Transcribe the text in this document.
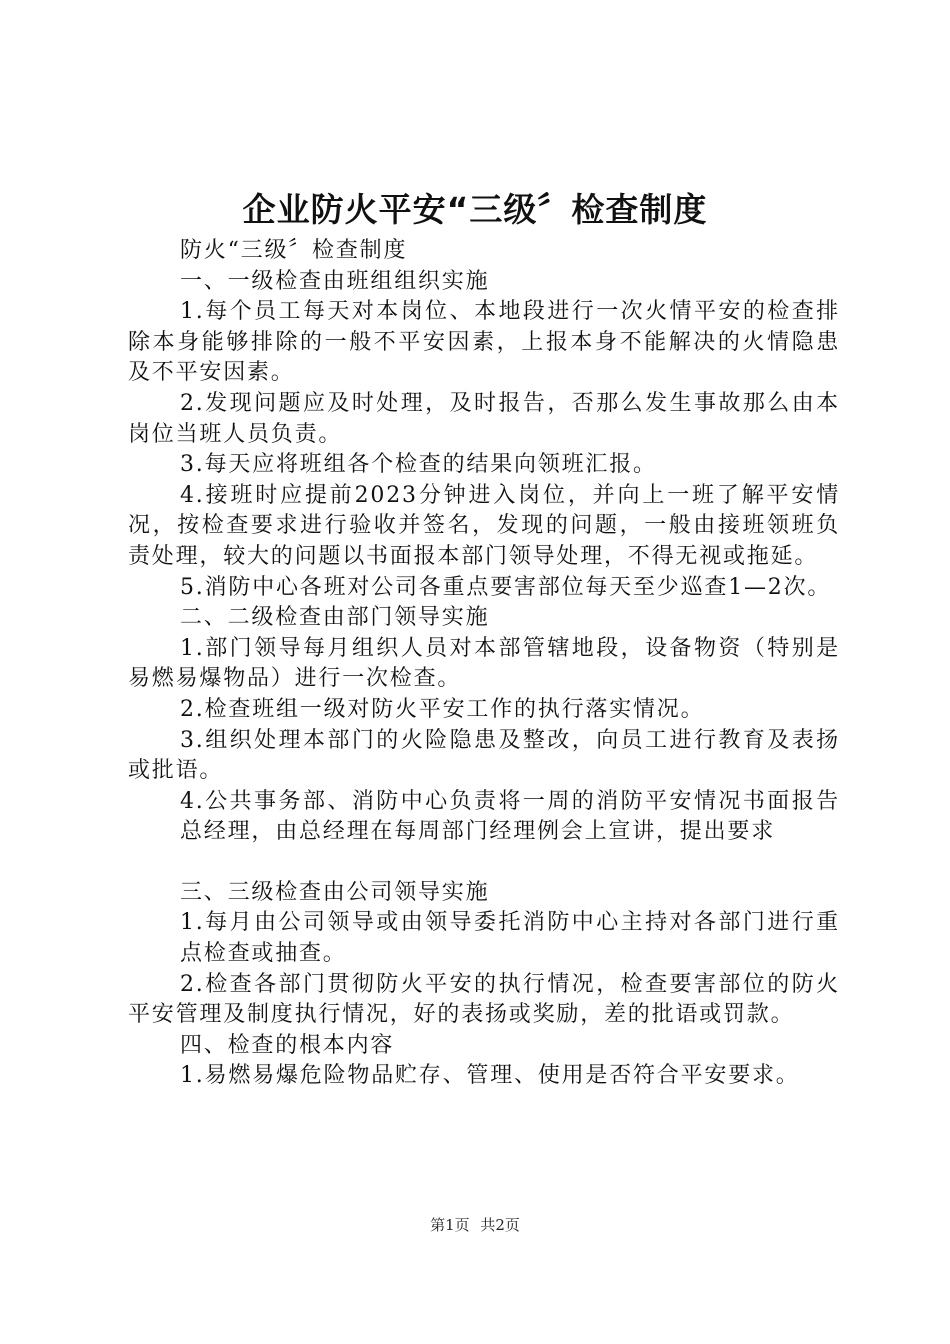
企业防火平安“三级〞检查制度

防火“三级〞检查制度

一、一级检查由班组组织实施

1.每个员工每天对本岗位、本地段进行一次火情平安的检查排除本身能够排除的一般不平安因素，上报本身不能解决的火情隐患及不平安因素。

2.发现问题应及时处理，及时报告，否那么发生事故那么由本岗位当班人员负责。

3.每天应将班组各个检查的结果向领班汇报。

4.接班时应提前2023分钟进入岗位，并向上一班了解平安情况，按检查要求进行验收并签名，发现的问题，一般由接班领班负责处理，较大的问题以书面报本部门领导处理，不得无视或拖延。

5.消防中心各班对公司各重点要害部位每天至少巡查1—2次。

二、二级检查由部门领导实施

1.部门领导每月组织人员对本部管辖地段，设备物资（特别是易燃易爆物品）进行一次检查。

2.检查班组一级对防火平安工作的执行落实情况。

3.组织处理本部门的火险隐患及整改，向员工进行教育及表扬或批语。

4.公共事务部、消防中心负责将一周的消防平安情况书面报告总经理，由总经理在每周部门经理例会上宣讲，提出要求

三、三级检查由公司领导实施

1.每月由公司领导或由领导委托消防中心主持对各部门进行重点检查或抽查。

2.检查各部门贯彻防火平安的执行情况，检查要害部位的防火平安管理及制度执行情况，好的表扬或奖励，差的批语或罚款。

四、检查的根本内容

1.易燃易爆危险物品贮存、管理、使用是否符合平安要求。

第1页 共2页
